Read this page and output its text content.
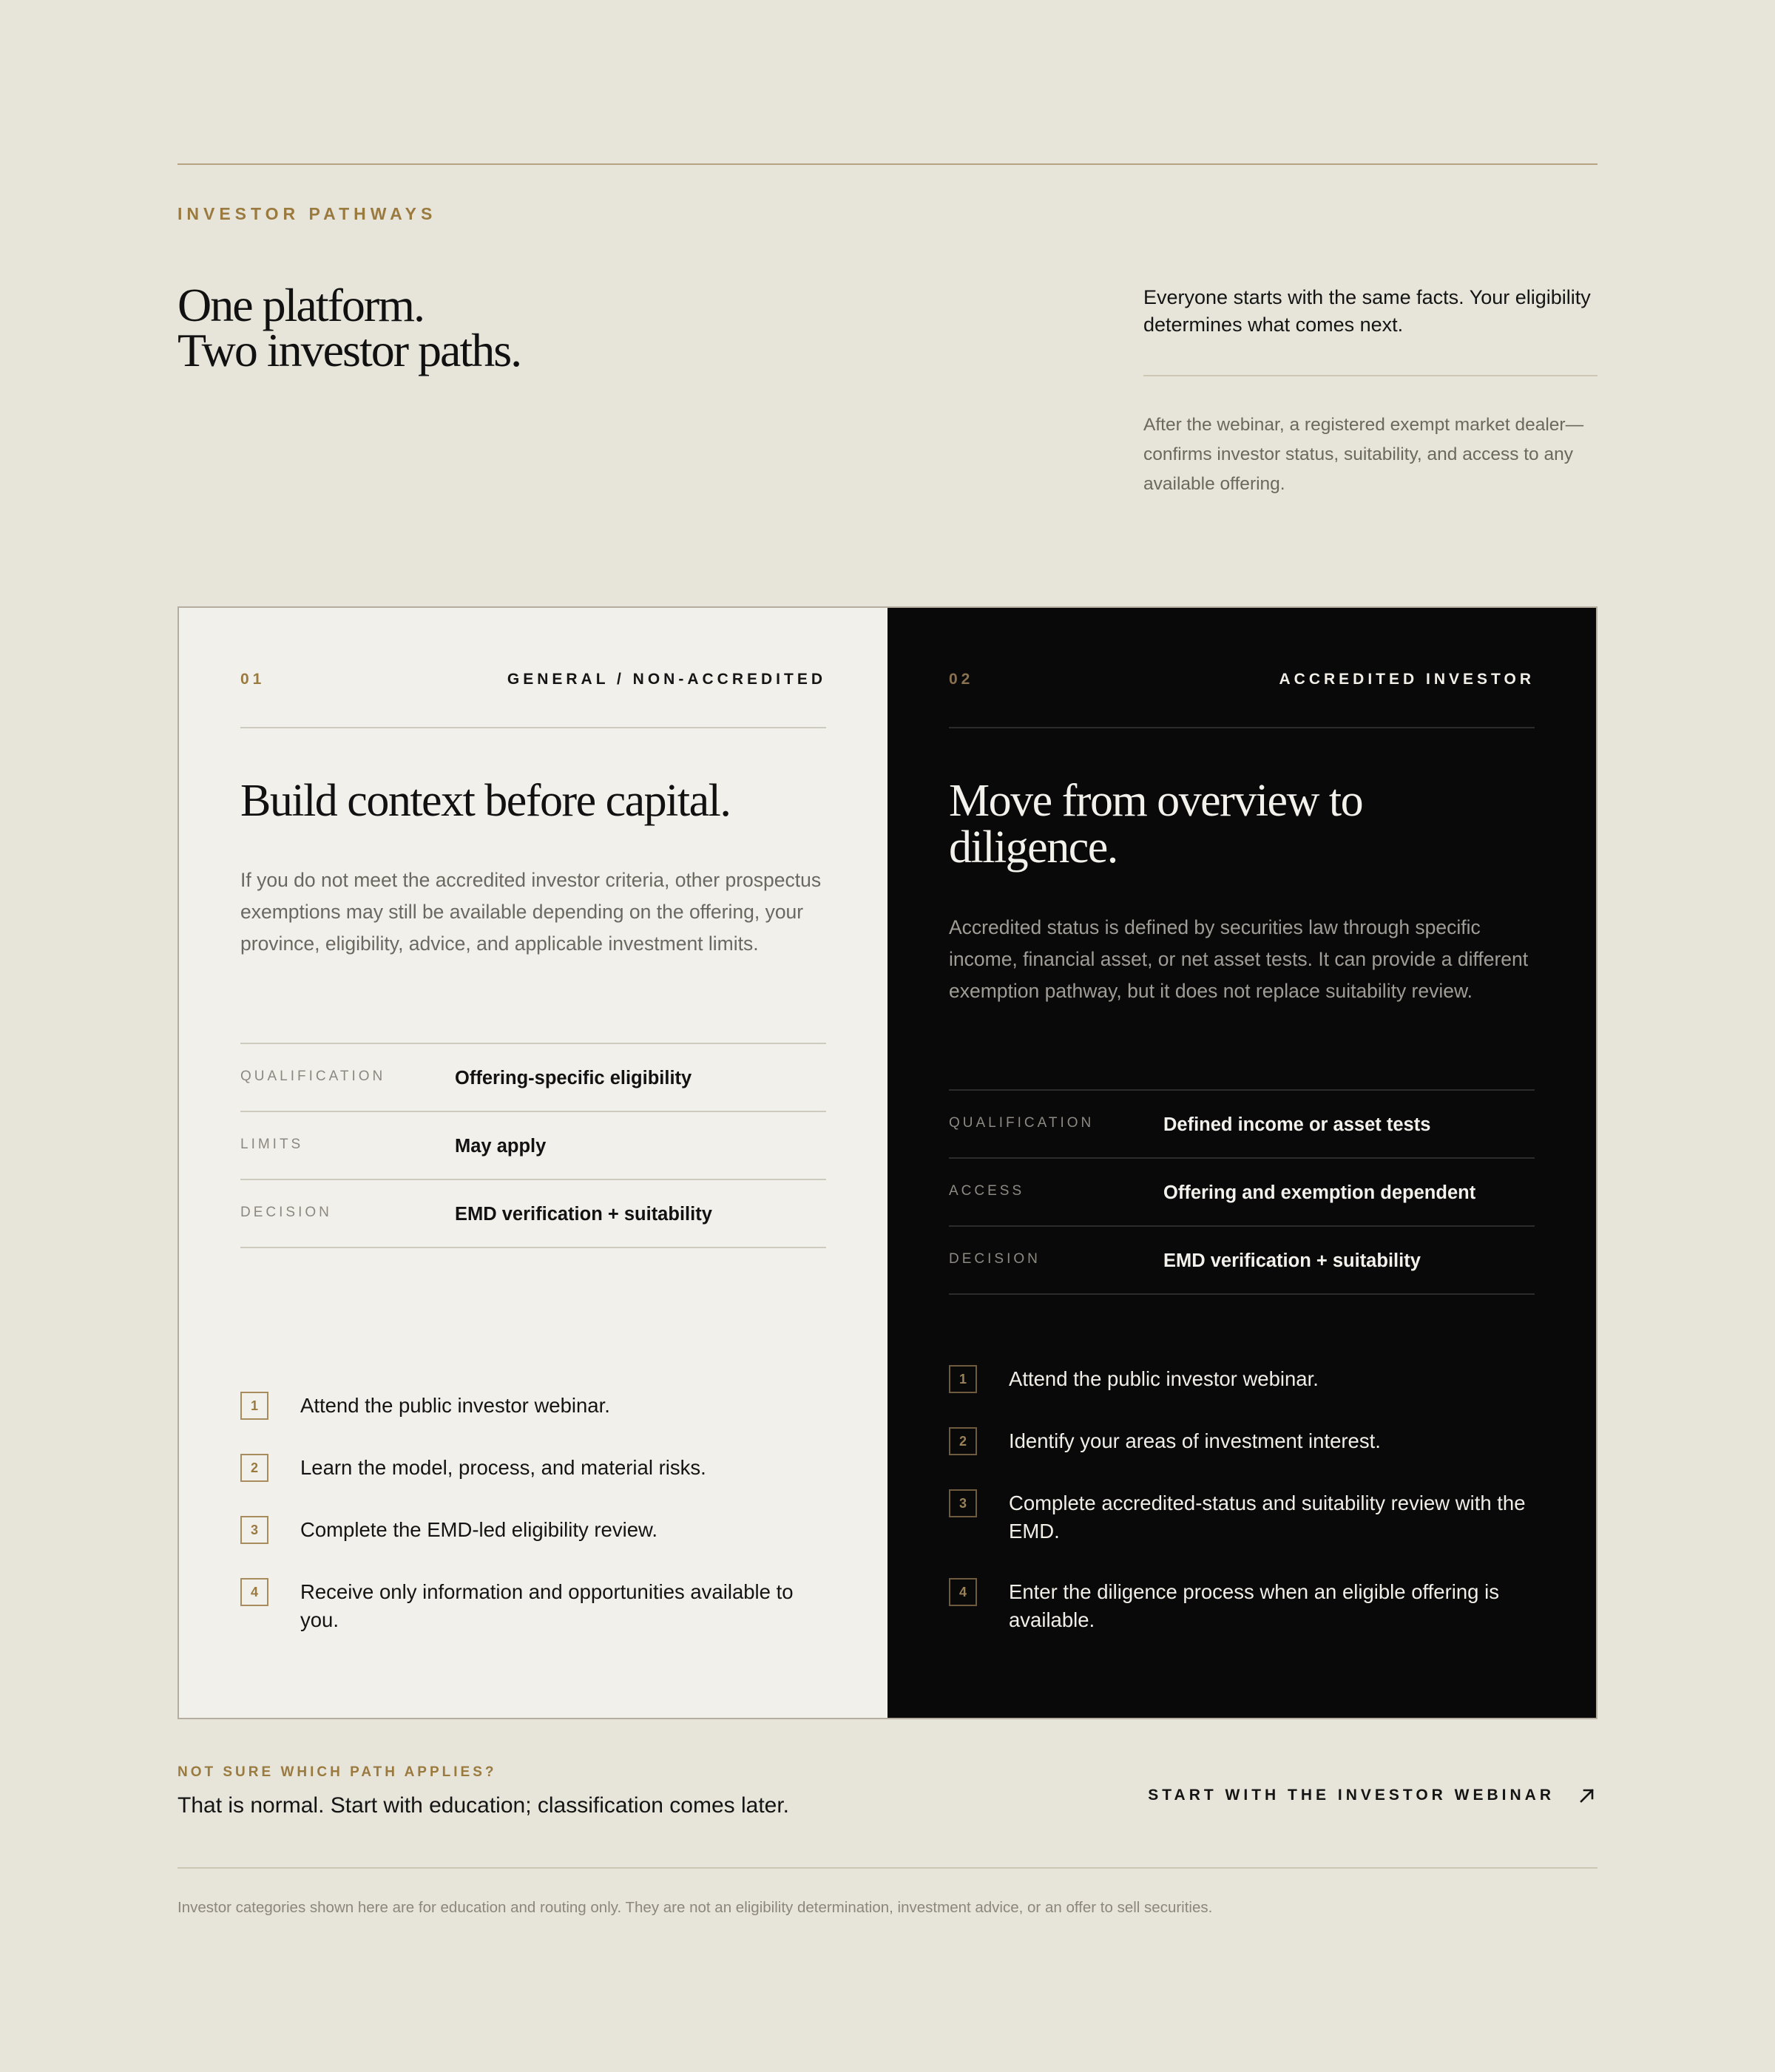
INVESTOR PATHWAYS
One platform.
Two investor paths.
Everyone starts with the same facts. Your eligibility determines what comes next.
After the webinar, a registered exempt market dealer—confirms investor status, suitability, and access to any available offering.
01	GENERAL / NON-ACCREDITED
Build context before capital.
If you do not meet the accredited investor criteria, other prospectus exemptions may still be available depending on the offering, your province, eligibility, advice, and applicable investment limits.
QUALIFICATION	Offering-specific eligibility
LIMITS	May apply
DECISION	EMD verification + suitability
1	Attend the public investor webinar.
2	Learn the model, process, and material risks.
3	Complete the EMD-led eligibility review.
4	Receive only information and opportunities available to you.
02	ACCREDITED INVESTOR
Move from overview to diligence.
Accredited status is defined by securities law through specific income, financial asset, or net asset tests. It can provide a different exemption pathway, but it does not replace suitability review.
QUALIFICATION	Defined income or asset tests
ACCESS	Offering and exemption dependent
DECISION	EMD verification + suitability
1	Attend the public investor webinar.
2	Identify your areas of investment interest.
3	Complete accredited-status and suitability review with the EMD.
4	Enter the diligence process when an eligible offering is available.
NOT SURE WHICH PATH APPLIES?
That is normal. Start with education; classification comes later.	START WITH THE INVESTOR WEBINAR
Investor categories shown here are for education and routing only. They are not an eligibility determination, investment advice, or an offer to sell securities.
